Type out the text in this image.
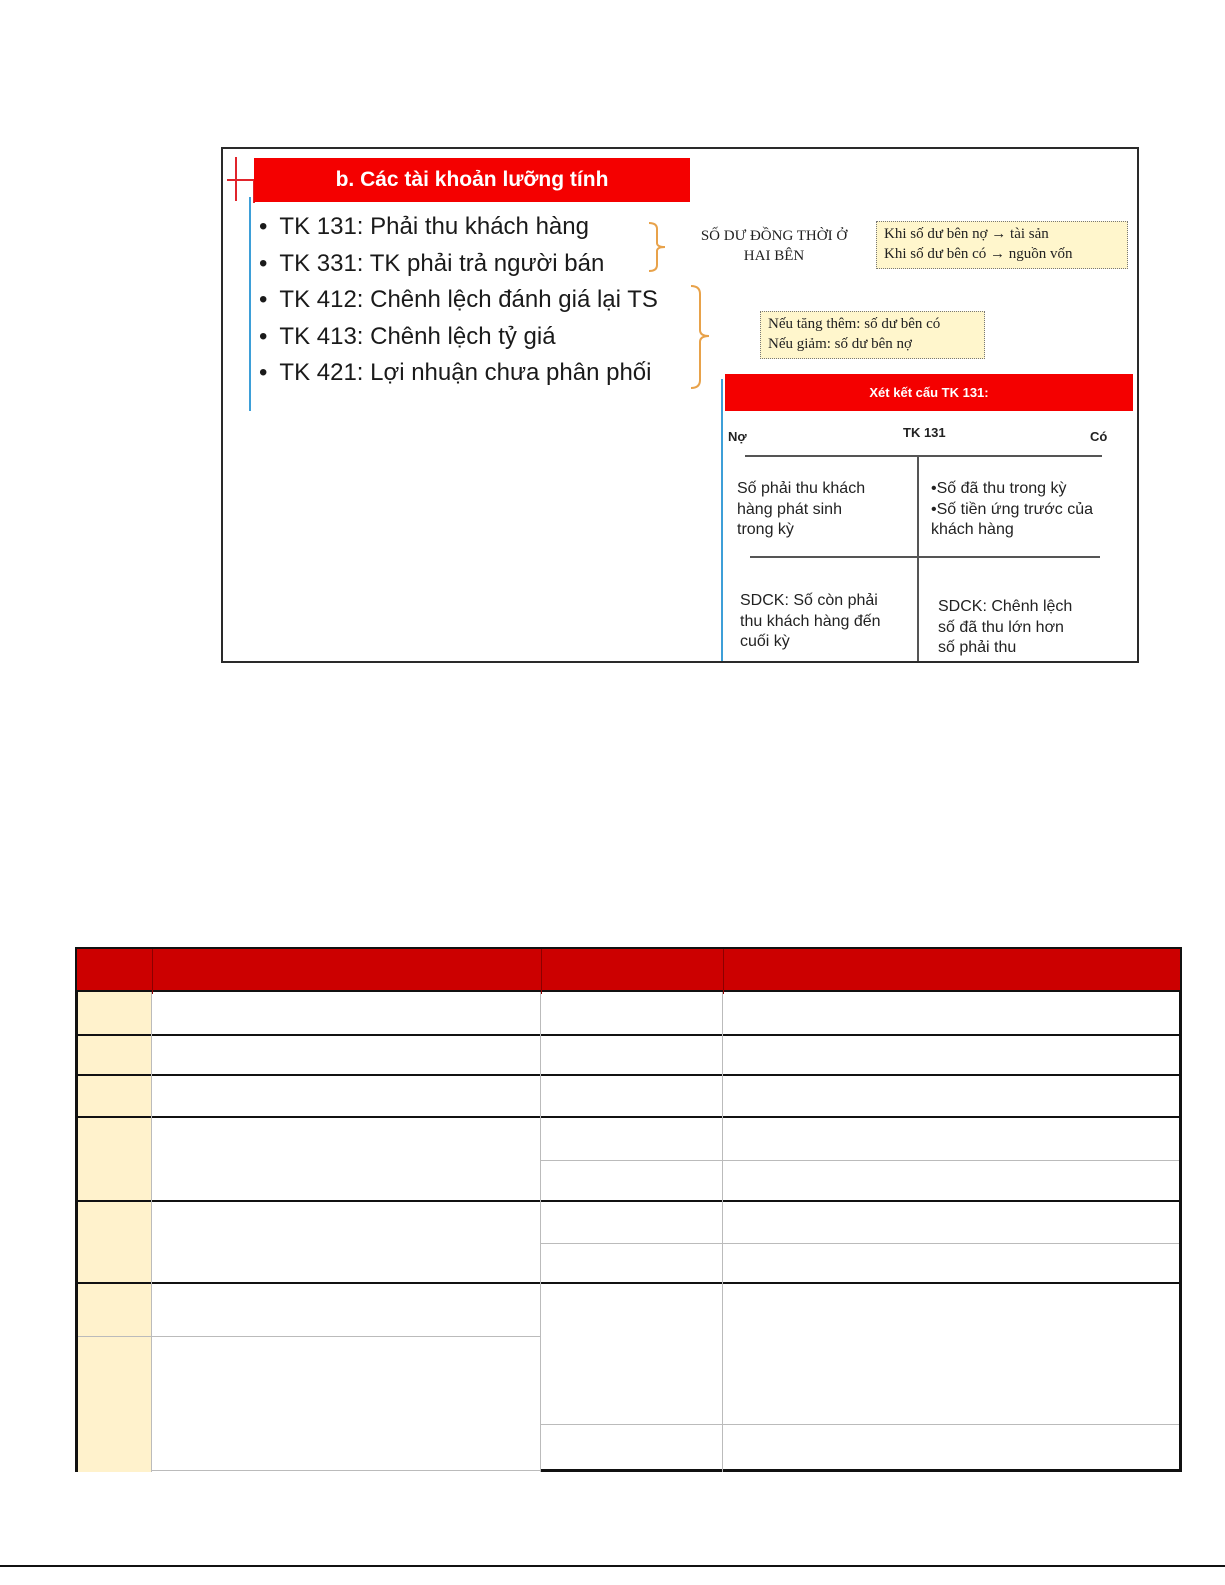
b. Các tài khoản lưỡng tính
• TK 131: Phải thu khách hàng
• TK 331: TK phải trả người bán
• TK 412: Chênh lệch đánh giá lại TS
• TK 413: Chênh lệch tỷ giá
• TK 421: Lợi nhuận chưa phân phối
SỐ DƯ ĐỒNG THỜI Ở
HAI BÊN
Khi số dư bên nợ → tài sản
Khi số dư bên có → nguồn vốn
Nếu tăng thêm: số dư bên có
Nếu giảm: số dư bên nợ
Xét kết cấu TK 131:
Nợ	TK 131	Có
Số phải thu khách
hàng phát sinh
trong kỳ
•Số đã thu trong kỳ
•Số tiền ứng trước của
khách hàng
SDCK: Số còn phải
thu khách hàng đến
cuối kỳ
SDCK: Chênh lệch
số đã thu lớn hơn
số phải thu
